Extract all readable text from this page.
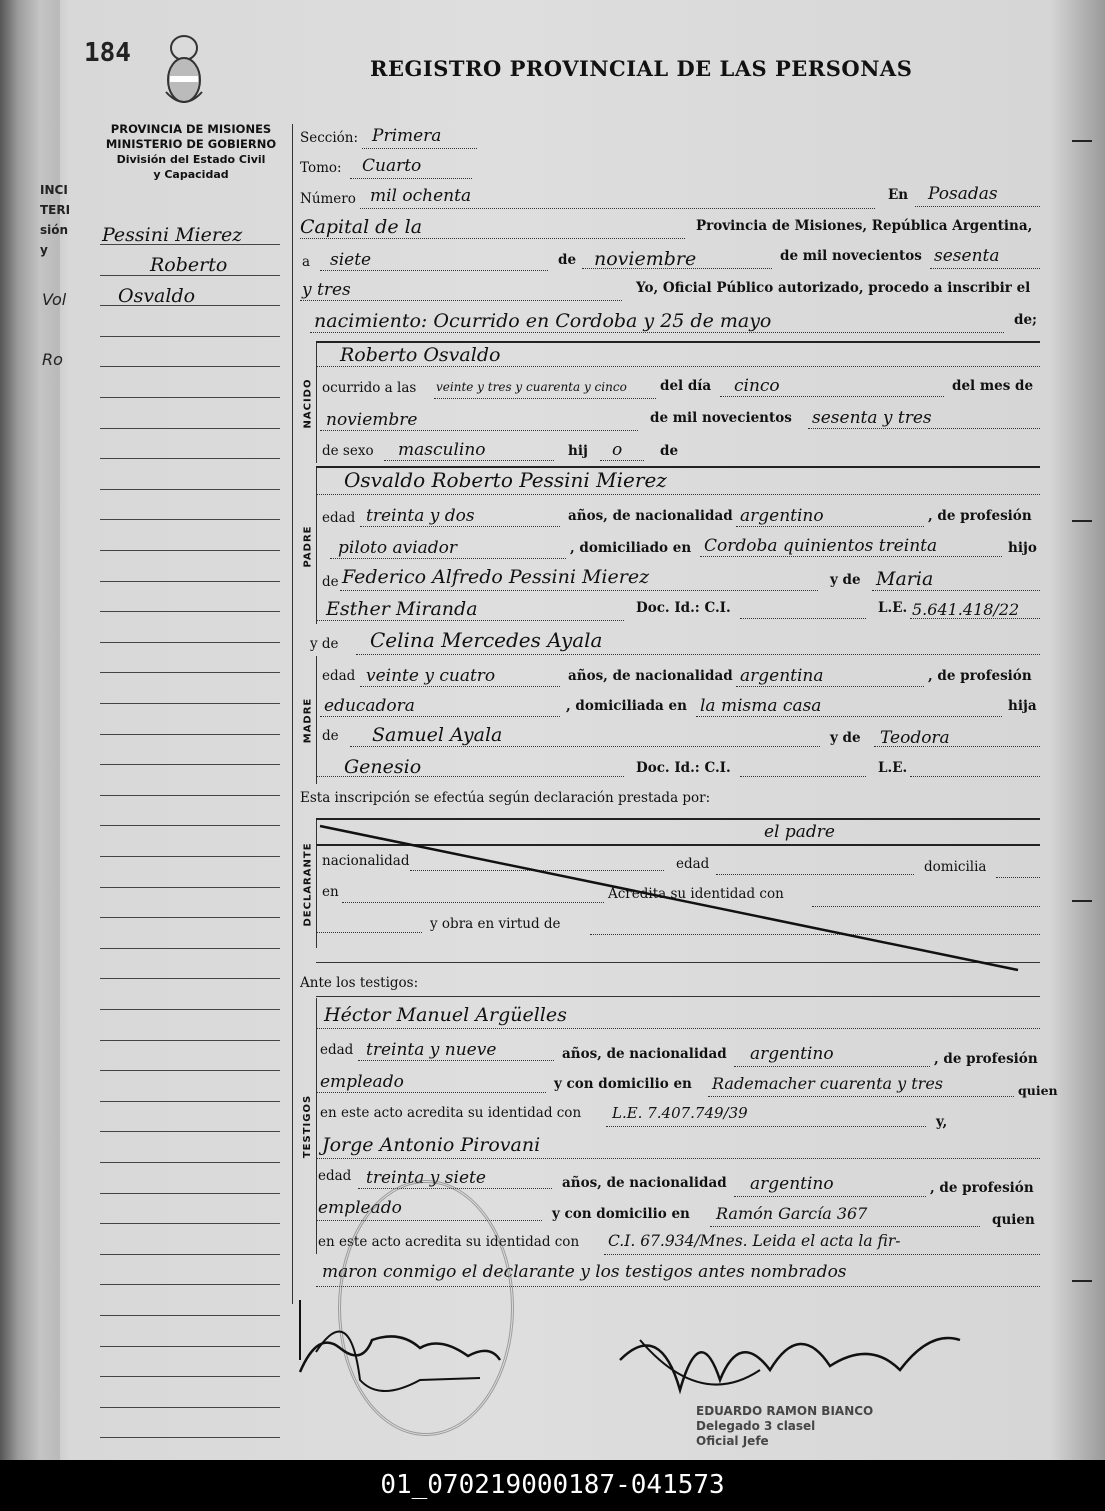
INCI
TERI
sión
y
Vol
Ro
184
REGISTRO PROVINCIAL DE LAS PERSONAS
PROVINCIA DE MISIONES
MINISTERIO DE GOBIERNO
División del Estado Civil
y Capacidad
Pessini Mierez
Roberto
Osvaldo
Sección: Primera
Tomo: Cuarto
Número mil ochenta	En Posadas
Capital de la	Provincia de Misiones, República Argentina,
a siete	de noviembre	de mil novecientos sesenta
y tres	Yo, Oficial Público autorizado, procedo a inscribir el
nacimiento: Ocurrido en Cordoba y 25 de mayo	de;
NACIDO
Roberto Osvaldo
ocurrido a las veinte y tres y cuarenta y cinco del día cinco	del mes de
noviembre	de mil novecientos sesenta y tres
de sexo masculino	hij o	de
PADRE
Osvaldo Roberto Pessini Mierez
edad treinta y dos	años, de nacionalidad argentino	, de profesión
piloto aviador	, domiciliado en Cordoba quinientos treinta	hijo
de Federico Alfredo Pessini Mierez	y de Maria
Esther Miranda	Doc. Id.: C.I.	L.E. 5.641.418/22
y de Celina Mercedes Ayala
MADRE
edad veinte y cuatro	años, de nacionalidad argentina	, de profesión
educadora	, domiciliada en la misma casa	hija
de Samuel Ayala	y de Teodora
Genesio	Doc. Id.: C.I.	L.E.
Esta inscripción se efectúa según declaración prestada por:
DECLARANTE
el padre
nacionalidad	edad	domicilia
en	Acredita su identidad con
y obra en virtud de
Ante los testigos:
TESTIGOS
Héctor Manuel Argüelles
edad treinta y nueve	años, de nacionalidad argentino	, de profesión
empleado	y con domicilio en Rademacher cuarenta y tres	quien
en este acto acredita su identidad con L.E. 7.407.749/39	y,
Jorge Antonio Pirovani
edad treinta y siete	años, de nacionalidad argentino	, de profesión
empleado	y con domicilio en Ramón García 367	quien
en este acto acredita su identidad con C.I. 67.934/Mnes. Leida el acta la fir-
maron conmigo el declarante y los testigos antes nombrados
EDUARDO RAMON BIANCO
Delegado 3 clasel
Oficial Jefe
01_070219000187-041573
